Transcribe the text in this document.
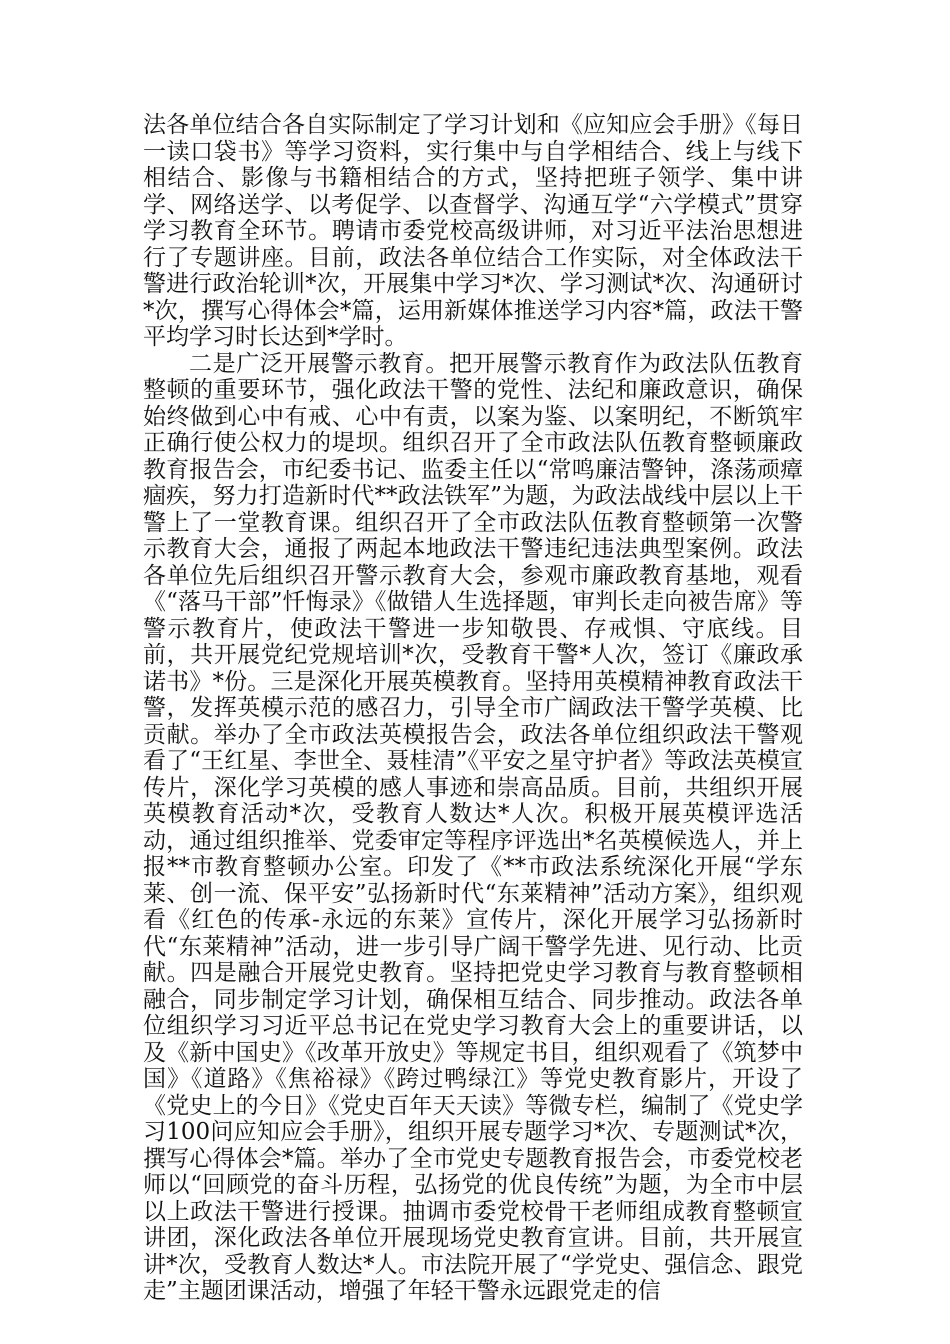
法各单位结合各自实际制定了学习计划和《应知应会手册》《每日一读口袋书》等学习资料，实行集中与自学相结合、线上与线下相结合、影像与书籍相结合的方式，坚持把班子领学、集中讲学、网络送学、以考促学、以查督学、沟通互学“六学模式”贯穿学习教育全环节。聘请市委党校高级讲师，对习近平法治思想进行了专题讲座。目前，政法各单位结合工作实际，对全体政法干警进行政治轮训*次，开展集中学习*次、学习测试*次、沟通研讨*次，撰写心得体会*篇，运用新媒体推送学习内容*篇，政法干警平均学习时长达到*学时。

二是广泛开展警示教育。把开展警示教育作为政法队伍教育整顿的重要环节，强化政法干警的党性、法纪和廉政意识，确保始终做到心中有戒、心中有责，以案为鉴、以案明纪，不断筑牢正确行使公权力的堤坝。组织召开了全市政法队伍教育整顿廉政教育报告会，市纪委书记、监委主任以“常鸣廉洁警钟，涤荡顽瘴痼疾，努力打造新时代**政法铁军”为题，为政法战线中层以上干警上了一堂教育课。组织召开了全市政法队伍教育整顿第一次警示教育大会，通报了两起本地政法干警违纪违法典型案例。政法各单位先后组织召开警示教育大会，参观市廉政教育基地，观看《“落马干部”忏悔录》《做错人生选择题，审判长走向被告席》等警示教育片，使政法干警进一步知敬畏、存戒惧、守底线。目前，共开展党纪党规培训*次，受教育干警*人次，签订《廉政承诺书》*份。三是深化开展英模教育。坚持用英模精神教育政法干警，发挥英模示范的感召力，引导全市广阔政法干警学英模、比贡献。举办了全市政法英模报告会，政法各单位组织政法干警观看了“王红星、李世全、聂桂清”《平安之星守护者》等政法英模宣传片，深化学习英模的感人事迹和崇高品质。目前，共组织开展英模教育活动*次，受教育人数达*人次。积极开展英模评选活动，通过组织推举、党委审定等程序评选出*名英模候选人，并上报**市教育整顿办公室。印发了《**市政法系统深化开展“学东莱、创一流、保平安”弘扬新时代“东莱精神”活动方案》，组织观看《红色的传承-永远的东莱》宣传片，深化开展学习弘扬新时代“东莱精神”活动，进一步引导广阔干警学先进、见行动、比贡献。四是融合开展党史教育。坚持把党史学习教育与教育整顿相融合，同步制定学习计划，确保相互结合、同步推动。政法各单位组织学习习近平总书记在党史学习教育大会上的重要讲话，以及《新中国史》《改革开放史》等规定书目，组织观看了《筑梦中国》《道路》《焦裕禄》《跨过鸭绿江》等党史教育影片，开设了《党史上的今日》《党史百年天天读》等微专栏，编制了《党史学习100问应知应会手册》，组织开展专题学习*次、专题测试*次，撰写心得体会*篇。举办了全市党史专题教育报告会，市委党校老师以“回顾党的奋斗历程，弘扬党的优良传统”为题，为全市中层以上政法干警进行授课。抽调市委党校骨干老师组成教育整顿宣讲团，深化政法各单位开展现场党史教育宣讲。目前，共开展宣讲*次，受教育人数达*人。市法院开展了“学党史、强信念、跟党走”主题团课活动，增强了年轻干警永远跟党走的信
